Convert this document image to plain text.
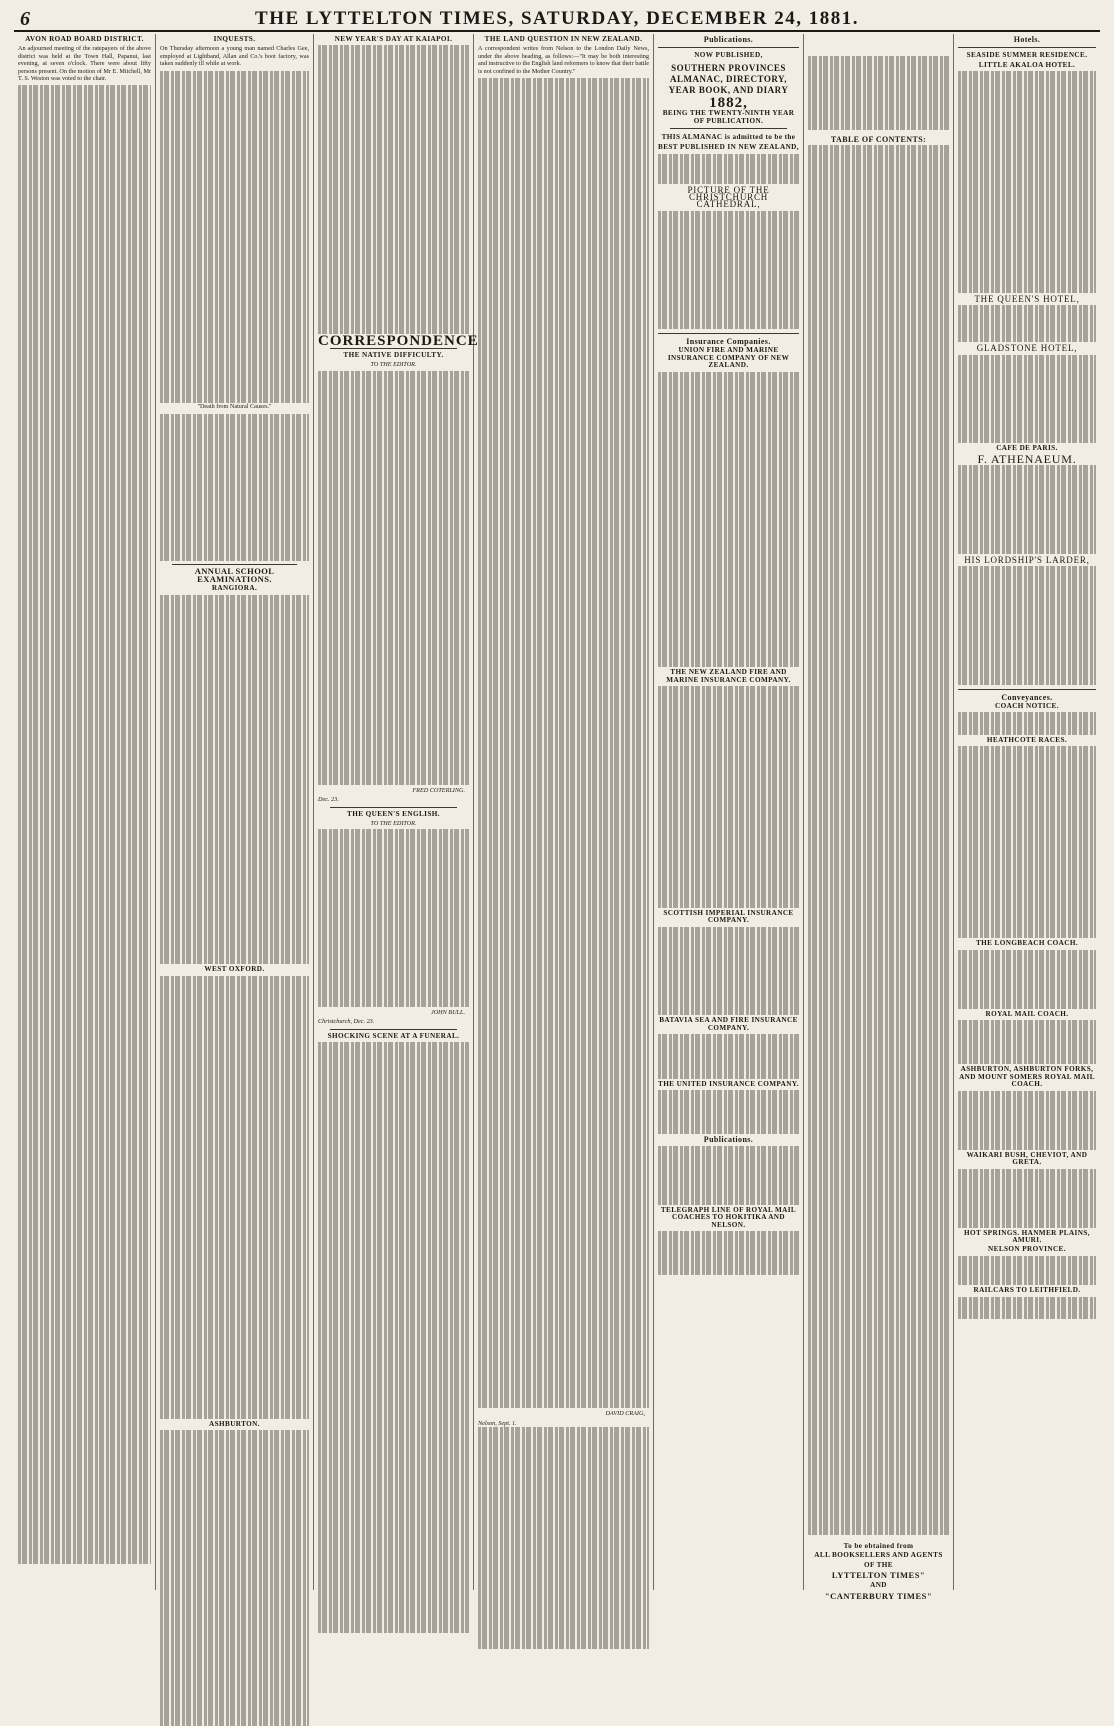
6	THE LYTTELTON TIMES, SATURDAY, DECEMBER 24, 1881.
AVON ROAD BOARD DISTRICT.
An adjourned meeting of the ratepayers of the above district was held at the Town Hall, Papanui, last evening, at seven o'clock. There were about fifty persons present. On the motion of Mr E. Mitchell, Mr T. S. Weston was voted to the chair.
INQUESTS.
On Thursday afternoon a young man named Charles Gee, employed at Lightband, Allan and Co.'s boot factory, was taken suddenly ill while at work.
"Death from Natural Causes."
ANNUAL SCHOOL EXAMINATIONS.
RANGIORA.
WEST OXFORD.
ASHBURTON.
NEW YEAR'S DAY AT KAIAPOI.
CORRESPONDENCE
THE NATIVE DIFFICULTY.
TO THE EDITOR.
FRED COTERLING.
Dec. 23.
THE QUEEN'S ENGLISH.
TO THE EDITOR.
JOHN BULL.
Christchurch, Dec. 23.
SHOCKING SCENE AT A FUNERAL.
THE LAND QUESTION IN NEW ZEALAND.
A correspondent writes from Nelson to the London Daily News, under the above heading, as follows:—"It may be both interesting and instructive to the English land reformers to know that their battle is not confined to the Mother Country."
DAVID CRAIG,
Nelson, Sept. 1.
Publications.
NOW PUBLISHED,
SOUTHERN PROVINCES ALMANAC, DIRECTORY, YEAR BOOK, AND DIARY
1882,
BEING THE TWENTY-NINTH YEAR OF PUBLICATION.
THIS ALMANAC is admitted to be the BEST PUBLISHED IN NEW ZEALAND,
PICTURE OF THE CHRISTCHURCH CATHEDRAL,
Insurance Companies.
UNION FIRE AND MARINE INSURANCE COMPANY OF NEW ZEALAND.
THE NEW ZEALAND FIRE AND MARINE INSURANCE COMPANY.
SCOTTISH IMPERIAL INSURANCE COMPANY.
BATAVIA SEA AND FIRE INSURANCE COMPANY.
THE UNITED INSURANCE COMPANY.
Publications.
TELEGRAPH LINE OF ROYAL MAIL COACHES TO HOKITIKA AND NELSON.
TABLE OF CONTENTS:
To be obtained from
ALL BOOKSELLERS AND AGENTS
OF THE
LYTTELTON TIMES"
AND
"CANTERBURY TIMES"
Hotels.
SEASIDE SUMMER RESIDENCE.
LITTLE AKALOA HOTEL.
THE QUEEN'S HOTEL,
GLADSTONE HOTEL,
CAFE DE PARIS.
F. ATHENAEUM.
HIS LORDSHIP'S LARDER,
Conveyances.
COACH NOTICE.
HEATHCOTE RACES.
THE LONGBEACH COACH.
ROYAL MAIL COACH.
ASHBURTON, ASHBURTON FORKS, AND MOUNT SOMERS ROYAL MAIL COACH.
WAIKARI BUSH, CHEVIOT, AND GRETA.
HOT SPRINGS. HANMER PLAINS, AMURI.
NELSON PROVINCE.
RAILCARS TO LEITHFIELD.
